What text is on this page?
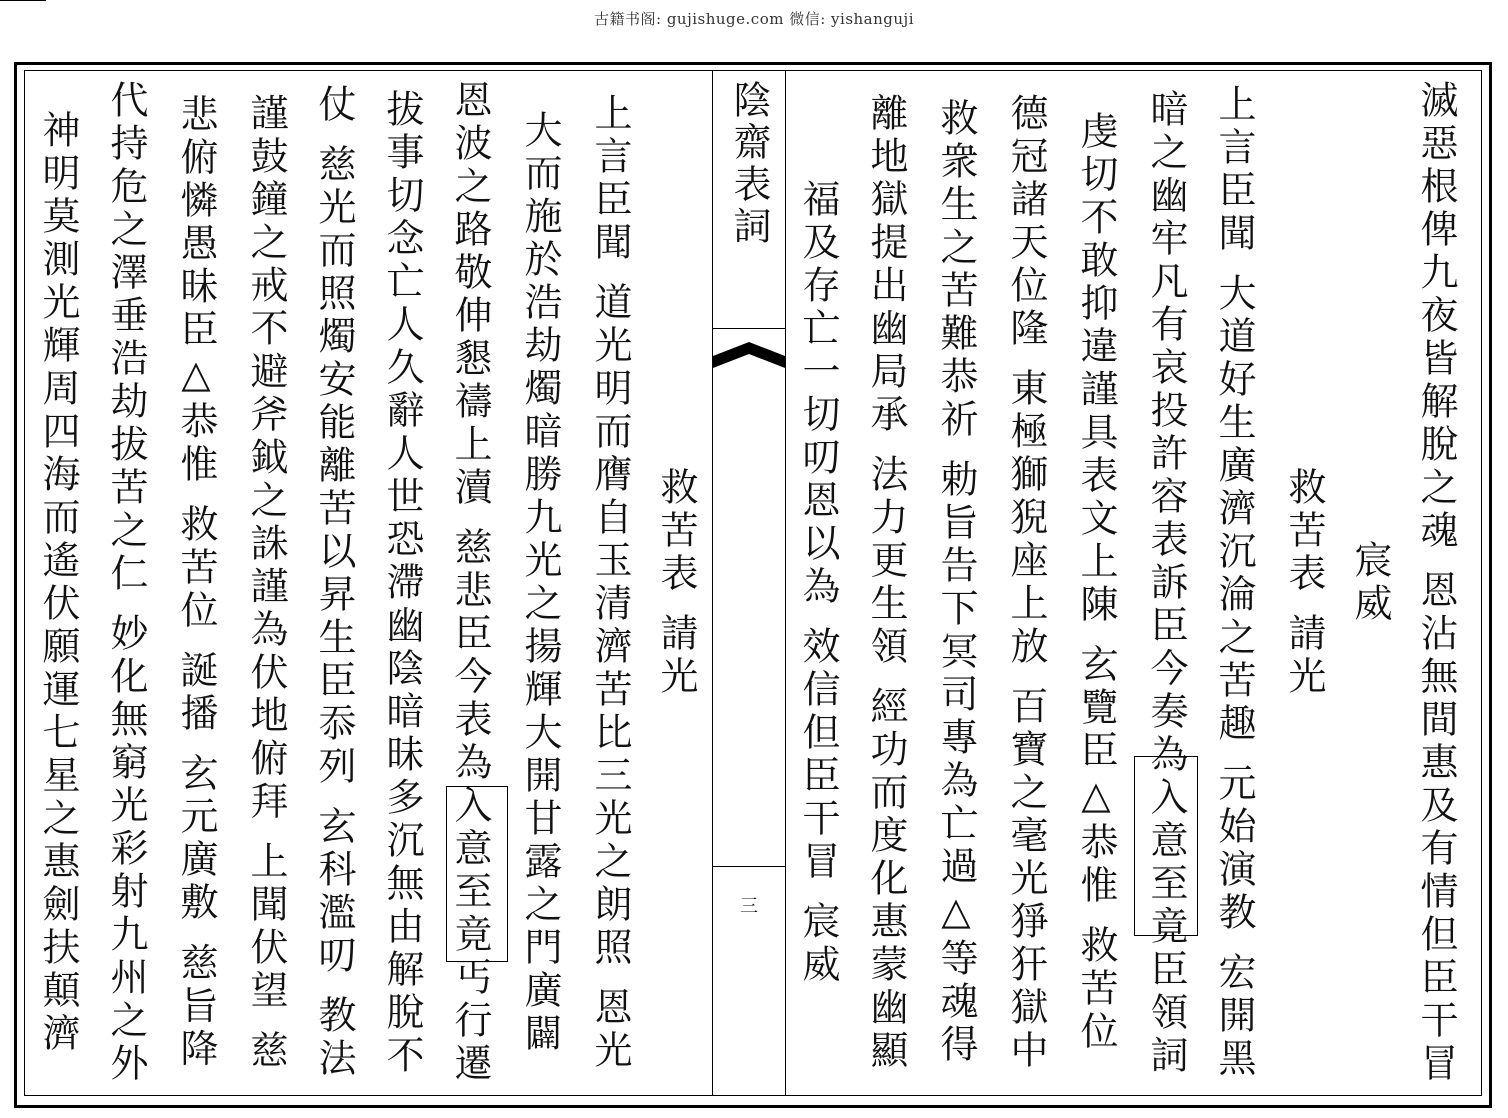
古籍书阁: gujishuge.com 微信: yishanguji
陰齋表詞
三	滅惡根俾九夜皆解脫之魂 恩沾無間惠及有情但臣干冒
宸威
救苦表 請光
上言臣聞 大道好生廣濟沉淪之苦趣 元始演教 宏開黑
暗之幽牢凡有哀投許容表訴臣今奏為入意至竟臣領詞
虔切不敢抑違謹具表文上陳 玄覽臣△恭惟 救苦位
德冠諸天位隆 東極獅猊座上放 百寶之毫光猙犴獄中
救衆生之苦難恭祈 勅旨告下冥司專為亡過△等魂得
離地獄提出幽局承 法力更生領 經功而度化惠蒙幽顯
福及存亡一切叨恩以為 效信但臣干冒 宸威
救苦表 請光
上言臣聞 道光明而膺自玉清濟苦比三光之朗照 恩光
大而施於浩劫燭暗勝九光之揚輝大開甘露之門廣闢
恩波之路敬伸懇禱上瀆 慈悲臣今表為入意至竟丐行遷
拔事切念亡人久辭人世恐滯幽陰暗昧多沉無由解脫不
仗 慈光而照燭安能離苦以昇生臣忝列 玄科濫叨 教法
謹鼓鐘之戒不避斧鉞之誅謹為伏地俯拜 上聞伏望 慈
悲俯憐愚昧臣△恭惟 救苦位 誕播 玄元廣敷 慈旨降
代持危之澤垂浩劫拔苦之仁 妙化無窮光彩射九州之外
神明莫測光輝周四海而遙伏願運七星之惠劍扶顛濟
